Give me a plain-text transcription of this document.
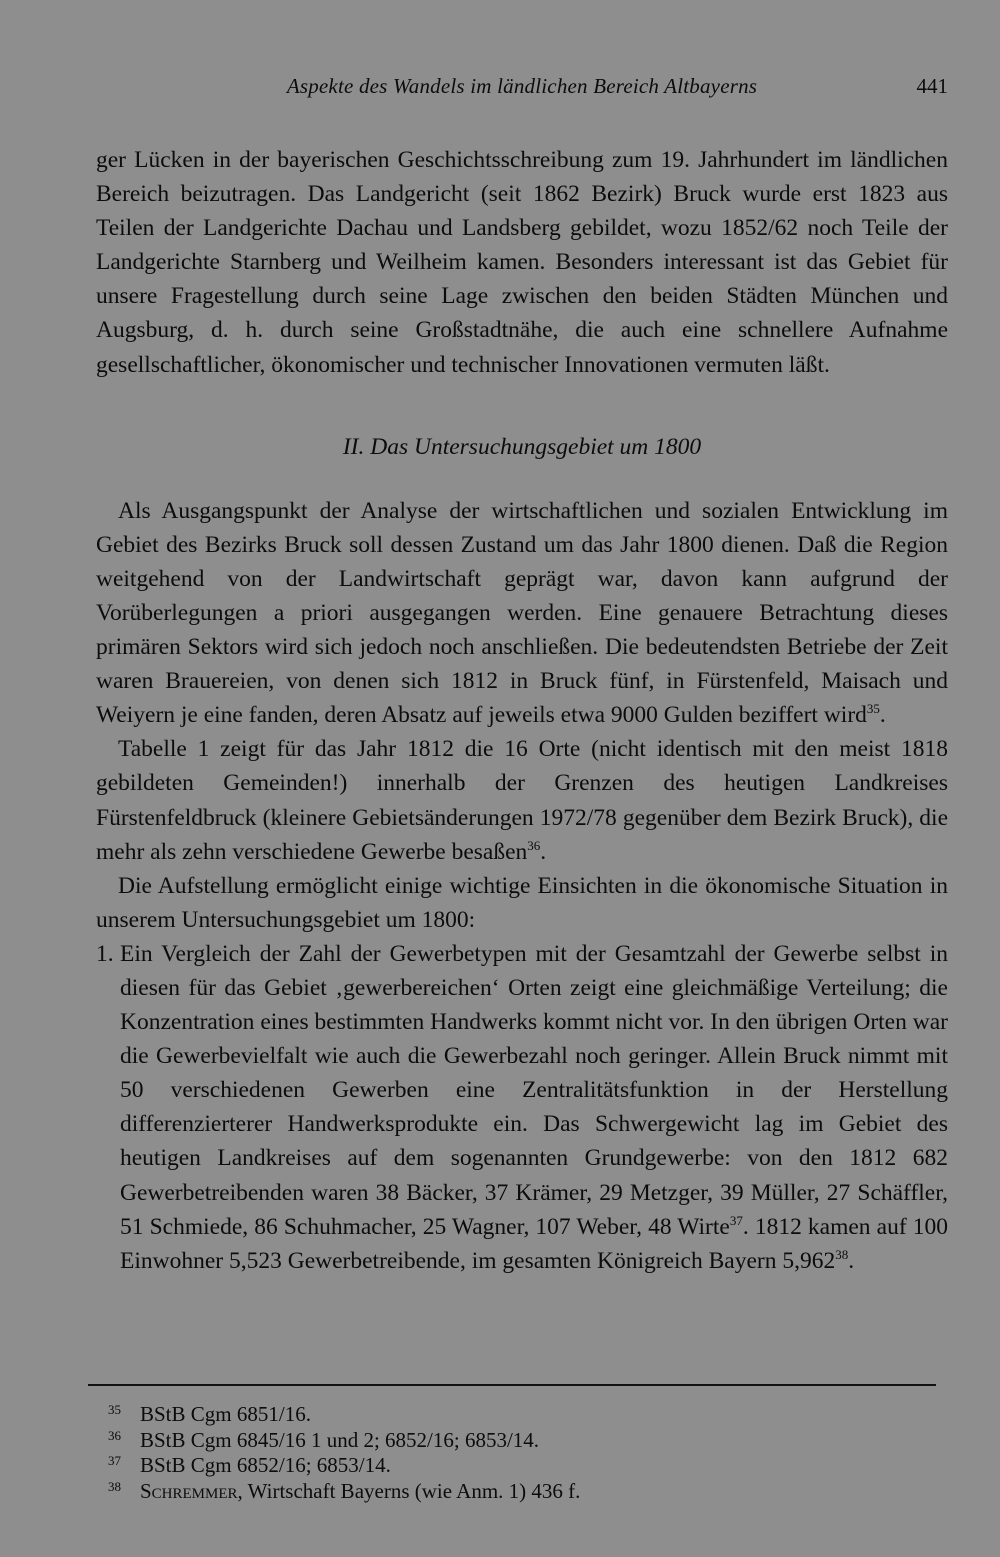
Aspekte des Wandels im ländlichen Bereich Altbayerns	441

ger Lücken in der bayerischen Geschichtsschreibung zum 19. Jahrhundert im ländlichen Bereich beizutragen. Das Landgericht (seit 1862 Bezirk) Bruck wurde erst 1823 aus Teilen der Landgerichte Dachau und Landsberg gebildet, wozu 1852/62 noch Teile der Landgerichte Starnberg und Weilheim kamen. Besonders interessant ist das Gebiet für unsere Fragestellung durch seine Lage zwischen den beiden Städten München und Augsburg, d. h. durch seine Großstadtnähe, die auch eine schnellere Aufnahme gesellschaftlicher, ökonomischer und technischer Innovationen vermuten läßt.

II. Das Untersuchungsgebiet um 1800

Als Ausgangspunkt der Analyse der wirtschaftlichen und sozialen Entwicklung im Gebiet des Bezirks Bruck soll dessen Zustand um das Jahr 1800 dienen. Daß die Region weitgehend von der Landwirtschaft geprägt war, davon kann aufgrund der Vorüberlegungen a priori ausgegangen werden. Eine genauere Betrachtung dieses primären Sektors wird sich jedoch noch anschließen. Die bedeutendsten Betriebe der Zeit waren Brauereien, von denen sich 1812 in Bruck fünf, in Fürstenfeld, Maisach und Weiyern je eine fanden, deren Absatz auf jeweils etwa 9000 Gulden beziffert wird$^{35}$.

Tabelle 1 zeigt für das Jahr 1812 die 16 Orte (nicht identisch mit den meist 1818 gebildeten Gemeinden!) innerhalb der Grenzen des heutigen Landkreises Fürstenfeldbruck (kleinere Gebietsänderungen 1972/78 gegenüber dem Bezirk Bruck), die mehr als zehn verschiedene Gewerbe besaßen$^{36}$.

Die Aufstellung ermöglicht einige wichtige Einsichten in die ökonomische Situation in unserem Untersuchungsgebiet um 1800:

1. Ein Vergleich der Zahl der Gewerbetypen mit der Gesamtzahl der Gewerbe selbst in diesen für das Gebiet ‚gewerbereichen‘ Orten zeigt eine gleichmäßige Verteilung; die Konzentration eines bestimmten Handwerks kommt nicht vor. In den übrigen Orten war die Gewerbevielfalt wie auch die Gewerbezahl noch geringer. Allein Bruck nimmt mit 50 verschiedenen Gewerben eine Zentralitätsfunktion in der Herstellung differenzierterer Handwerksprodukte ein. Das Schwergewicht lag im Gebiet des heutigen Landkreises auf dem sogenannten Grundgewerbe: von den 1812 682 Gewerbetreibenden waren 38 Bäcker, 37 Krämer, 29 Metzger, 39 Müller, 27 Schäffler, 51 Schmiede, 86 Schuhmacher, 25 Wagner, 107 Weber, 48 Wirte$^{37}$. 1812 kamen auf 100 Einwohner 5,523 Gewerbetreibende, im gesamten Königreich Bayern 5,962$^{38}$.
35 BStB Cgm 6851/16.
36 BStB Cgm 6845/16 1 und 2; 6852/16; 6853/14.
37 BStB Cgm 6852/16; 6853/14.
38 Schremmer, Wirtschaft Bayerns (wie Anm. 1) 436 f.
